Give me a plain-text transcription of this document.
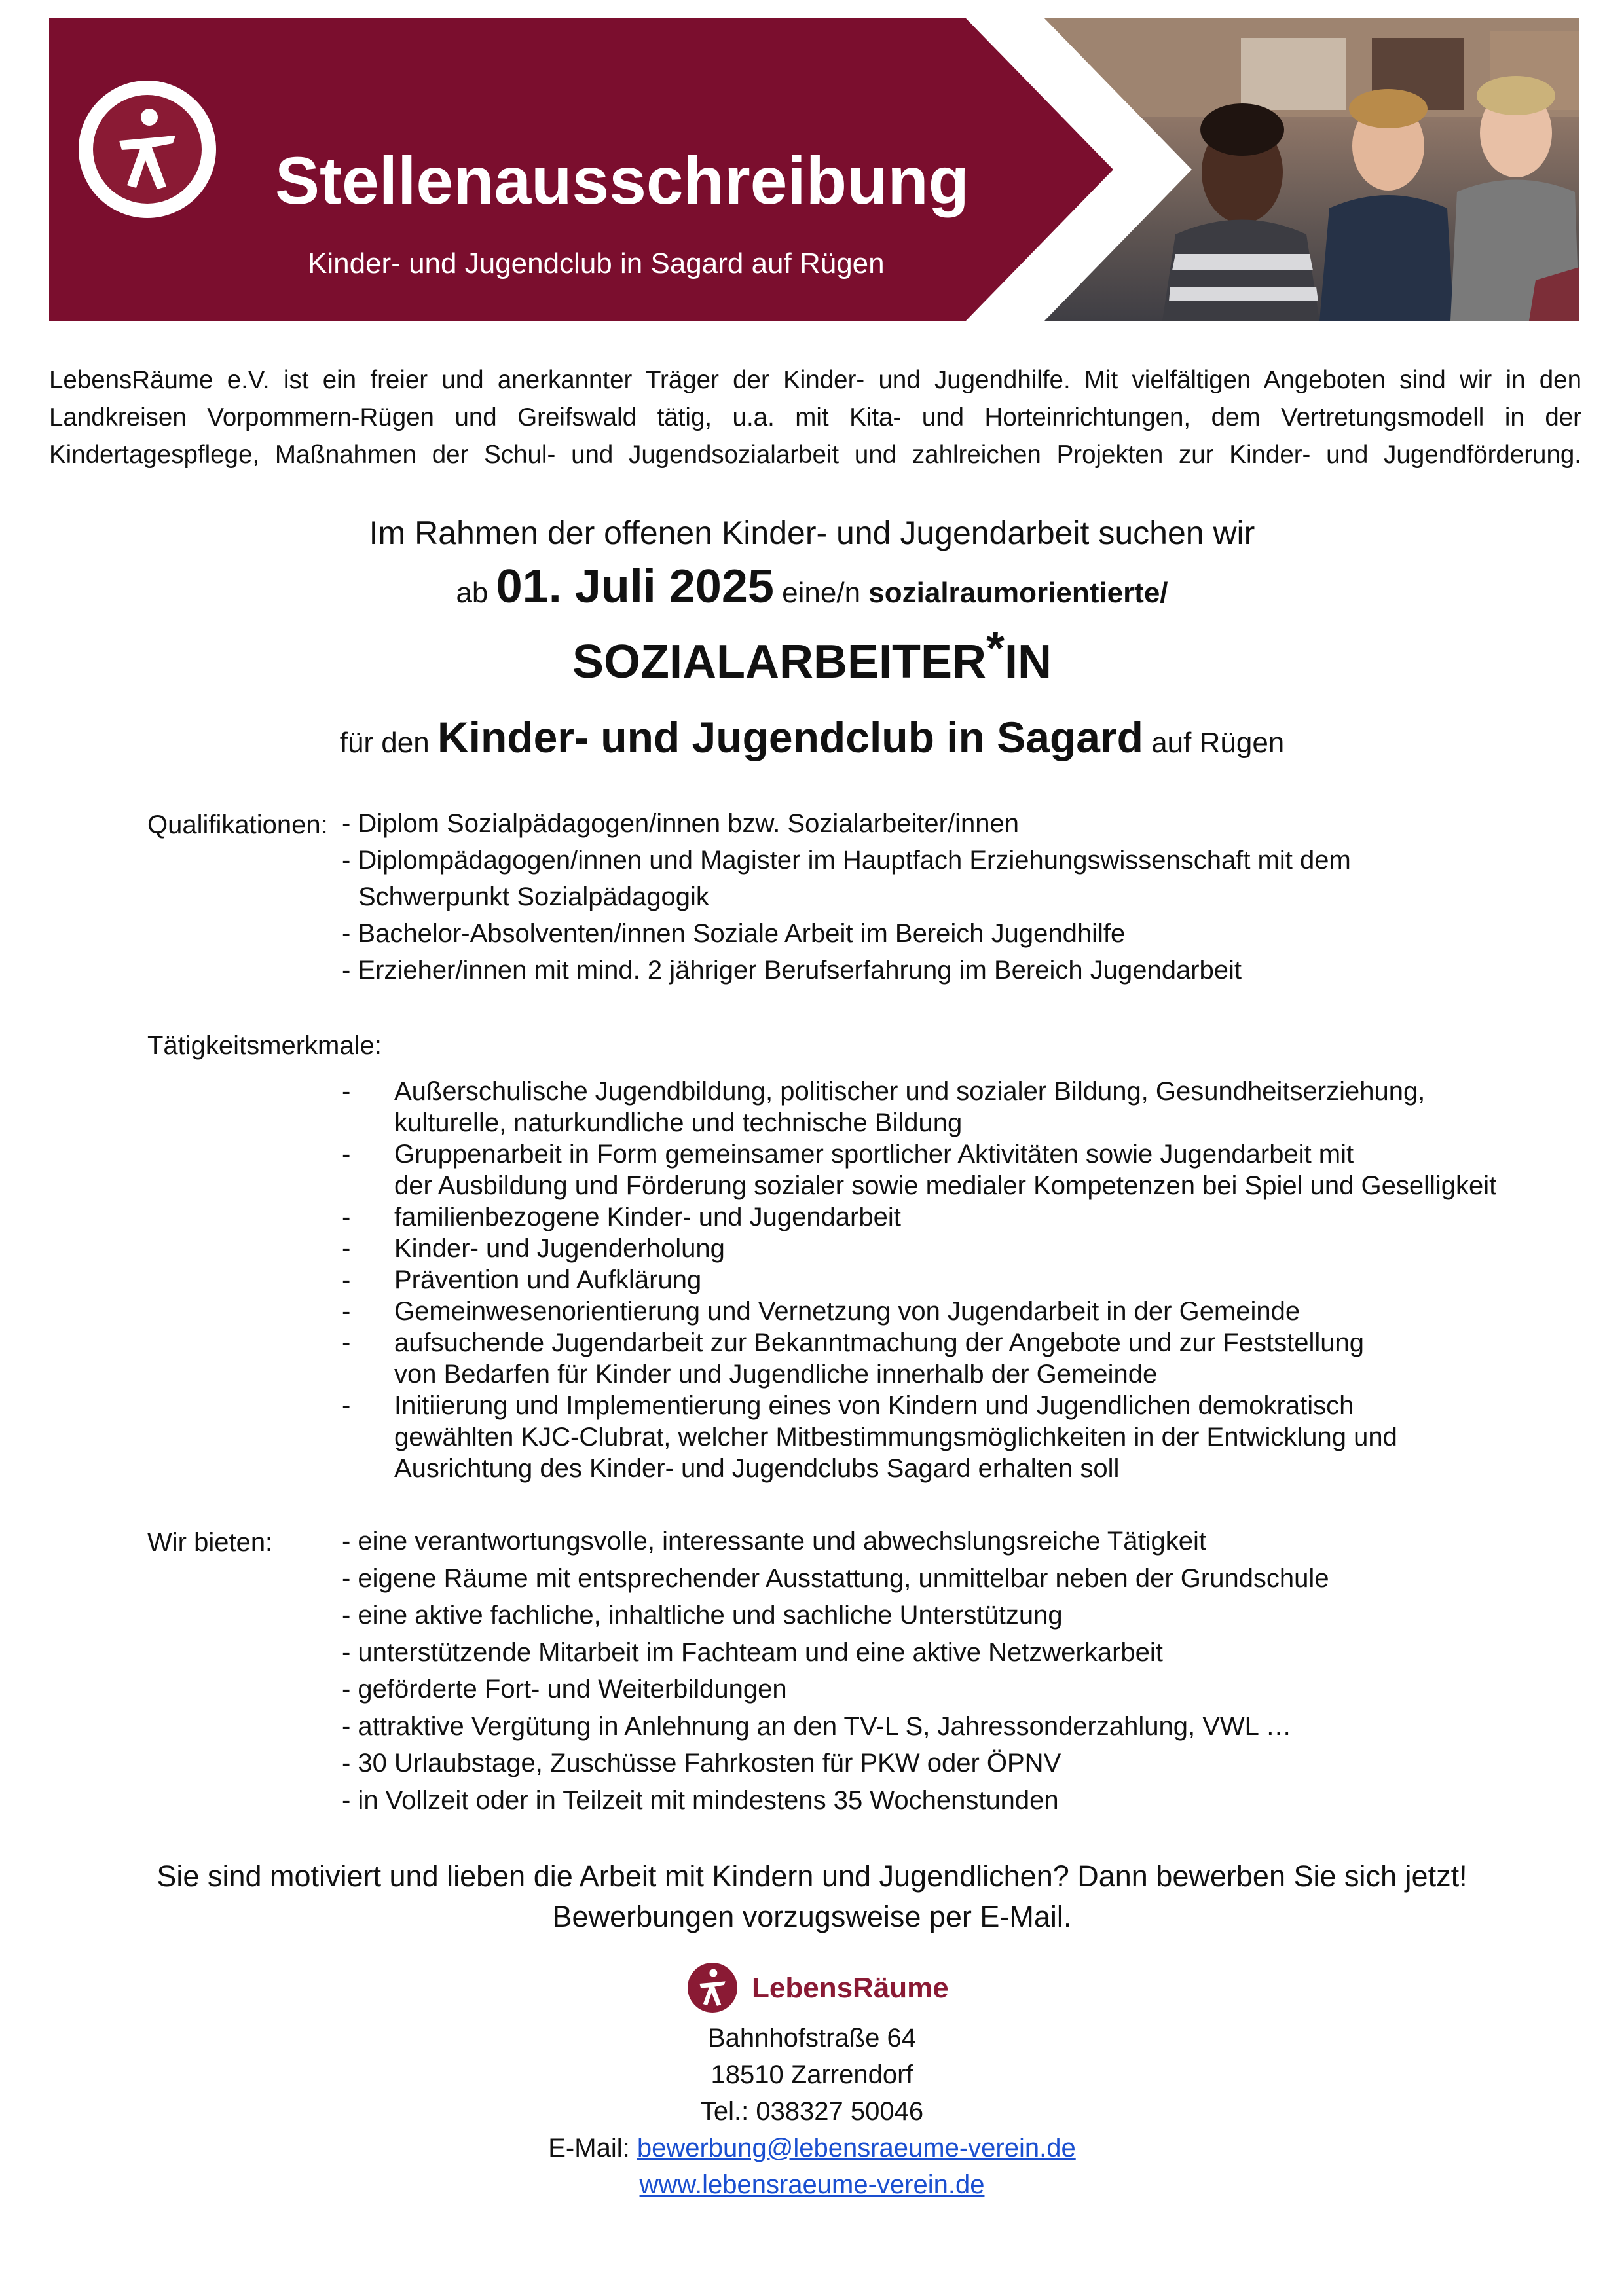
Stellenausschreibung
Kinder- und Jugendclub in Sagard auf Rügen

LebensRäume e.V. ist ein freier und anerkannter Träger der Kinder- und Jugendhilfe. Mit vielfältigen Angeboten sind wir in den
Landkreisen Vorpommern-Rügen und Greifswald tätig, u.a. mit Kita- und Horteinrichtungen, dem Vertretungsmodell in der
Kindertagespflege, Maßnahmen der Schul- und Jugendsozialarbeit und zahlreichen Projekten zur Kinder- und Jugendförderung.

Im Rahmen der offenen Kinder- und Jugendarbeit suchen wir
ab 01. Juli 2025 eine/n sozialraumorientierte/
SOZIALARBEITER*IN
für den Kinder- und Jugendclub in Sagard auf Rügen
Qualifikationen: - Diplom Sozialpädagogen/innen bzw. Sozialarbeiter/innen
- Diplompädagogen/innen und Magister im Hauptfach Erziehungswissenschaft mit dem
Schwerpunkt Sozialpädagogik
- Bachelor-Absolventen/innen Soziale Arbeit im Bereich Jugendhilfe
- Erzieher/innen mit mind. 2 jähriger Berufserfahrung im Bereich Jugendarbeit
Tätigkeitsmerkmale:
- Außerschulische Jugendbildung, politischer und sozialer Bildung, Gesundheitserziehung,
kulturelle, naturkundliche und technische Bildung
- Gruppenarbeit in Form gemeinsamer sportlicher Aktivitäten sowie Jugendarbeit mit
der Ausbildung und Förderung sozialer sowie medialer Kompetenzen bei Spiel und Geselligkeit
- familienbezogene Kinder- und Jugendarbeit
- Kinder- und Jugenderholung
- Prävention und Aufklärung
- Gemeinwesenorientierung und Vernetzung von Jugendarbeit in der Gemeinde
- aufsuchende Jugendarbeit zur Bekanntmachung der Angebote und zur Feststellung
von Bedarfen für Kinder und Jugendliche innerhalb der Gemeinde
- Initiierung und Implementierung eines von Kindern und Jugendlichen demokratisch
gewählten KJC-Clubrat, welcher Mitbestimmungsmöglichkeiten in der Entwicklung und
Ausrichtung des Kinder- und Jugendclubs Sagard erhalten soll
Wir bieten:	- eine verantwortungsvolle, interessante und abwechslungsreiche Tätigkeit
- eigene Räume mit entsprechender Ausstattung, unmittelbar neben der Grundschule
- eine aktive fachliche, inhaltliche und sachliche Unterstützung
- unterstützende Mitarbeit im Fachteam und eine aktive Netzwerkarbeit
- geförderte Fort- und Weiterbildungen
- attraktive Vergütung in Anlehnung an den TV-L S, Jahressonderzahlung, VWL …
- 30 Urlaubstage, Zuschüsse Fahrkosten für PKW oder ÖPNV
- in Vollzeit oder in Teilzeit mit mindestens 35 Wochenstunden
Sie sind motiviert und lieben die Arbeit mit Kindern und Jugendlichen? Dann bewerben Sie sich jetzt!
Bewerbungen vorzugsweise per E-Mail.
LebensRäume
Bahnhofstraße 64
18510 Zarrendorf
Tel.: 038327 50046
E-Mail: bewerbung@lebensraeume-verein.de
www.lebensraeume-verein.de
